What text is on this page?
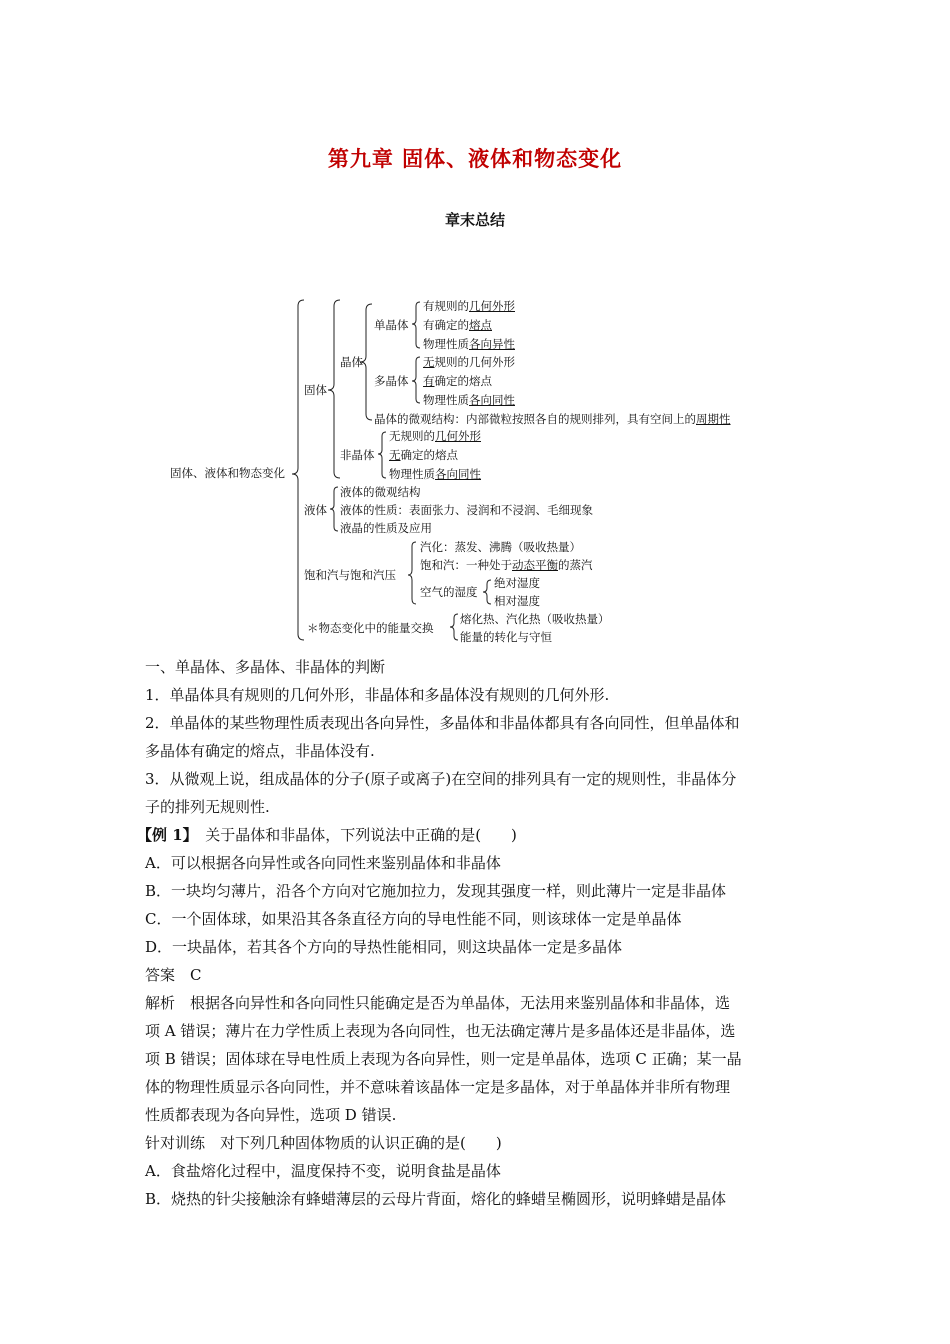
第九章 固体、液体和物态变化
章末总结
固体、液体和物态变化
固体
晶体
单晶体
有规则的几何外形
有确定的熔点
物理性质各向异性
多晶体
无规则的几何外形
有确定的熔点
物理性质各向同性
晶体的微观结构：内部微粒按照各自的规则排列，具有空间上的周期性
非晶体
无规则的几何外形
无确定的熔点
物理性质各向同性
液体
液体的微观结构
液体的性质：表面张力、浸润和不浸润、毛细现象
液晶的性质及应用
饱和汽与饱和汽压
汽化：蒸发、沸腾（吸收热量）
饱和汽：一种处于动态平衡的蒸汽
空气的湿度
绝对湿度
相对湿度
＊物态变化中的能量交换
熔化热、汽化热（吸收热量）
能量的转化与守恒

一、单晶体、多晶体、非晶体的判断

1．单晶体具有规则的几何外形，非晶体和多晶体没有规则的几何外形.

2．单晶体的某些物理性质表现出各向异性，多晶体和非晶体都具有各向同性，但单晶体和

多晶体有确定的熔点，非晶体没有.

3．从微观上说，组成晶体的分子(原子或离子)在空间的排列具有一定的规则性，非晶体分

子的排列无规则性.

【例 1】　 关于晶体和非晶体，下列说法中正确的是(　　)

A．可以根据各向异性或各向同性来鉴别晶体和非晶体

B．一块均匀薄片，沿各个方向对它施加拉力，发现其强度一样，则此薄片一定是非晶体

C．一个固体球，如果沿其各条直径方向的导电性能不同，则该球体一定是单晶体

D．一块晶体，若其各个方向的导热性能相同，则这块晶体一定是多晶体

答案　C

解析　根据各向异性和各向同性只能确定是否为单晶体，无法用来鉴别晶体和非晶体，选

项 A 错误；薄片在力学性质上表现为各向同性，也无法确定薄片是多晶体还是非晶体，选

项 B 错误；固体球在导电性质上表现为各向异性，则一定是单晶体，选项 C 正确；某一晶

体的物理性质显示各向同性，并不意味着该晶体一定是多晶体，对于单晶体并非所有物理

性质都表现为各向异性，选项 D 错误.

针对训练　对下列几种固体物质的认识正确的是(　　)

A．食盐熔化过程中，温度保持不变，说明食盐是晶体

B．烧热的针尖接触涂有蜂蜡薄层的云母片背面，熔化的蜂蜡呈椭圆形，说明蜂蜡是晶体
